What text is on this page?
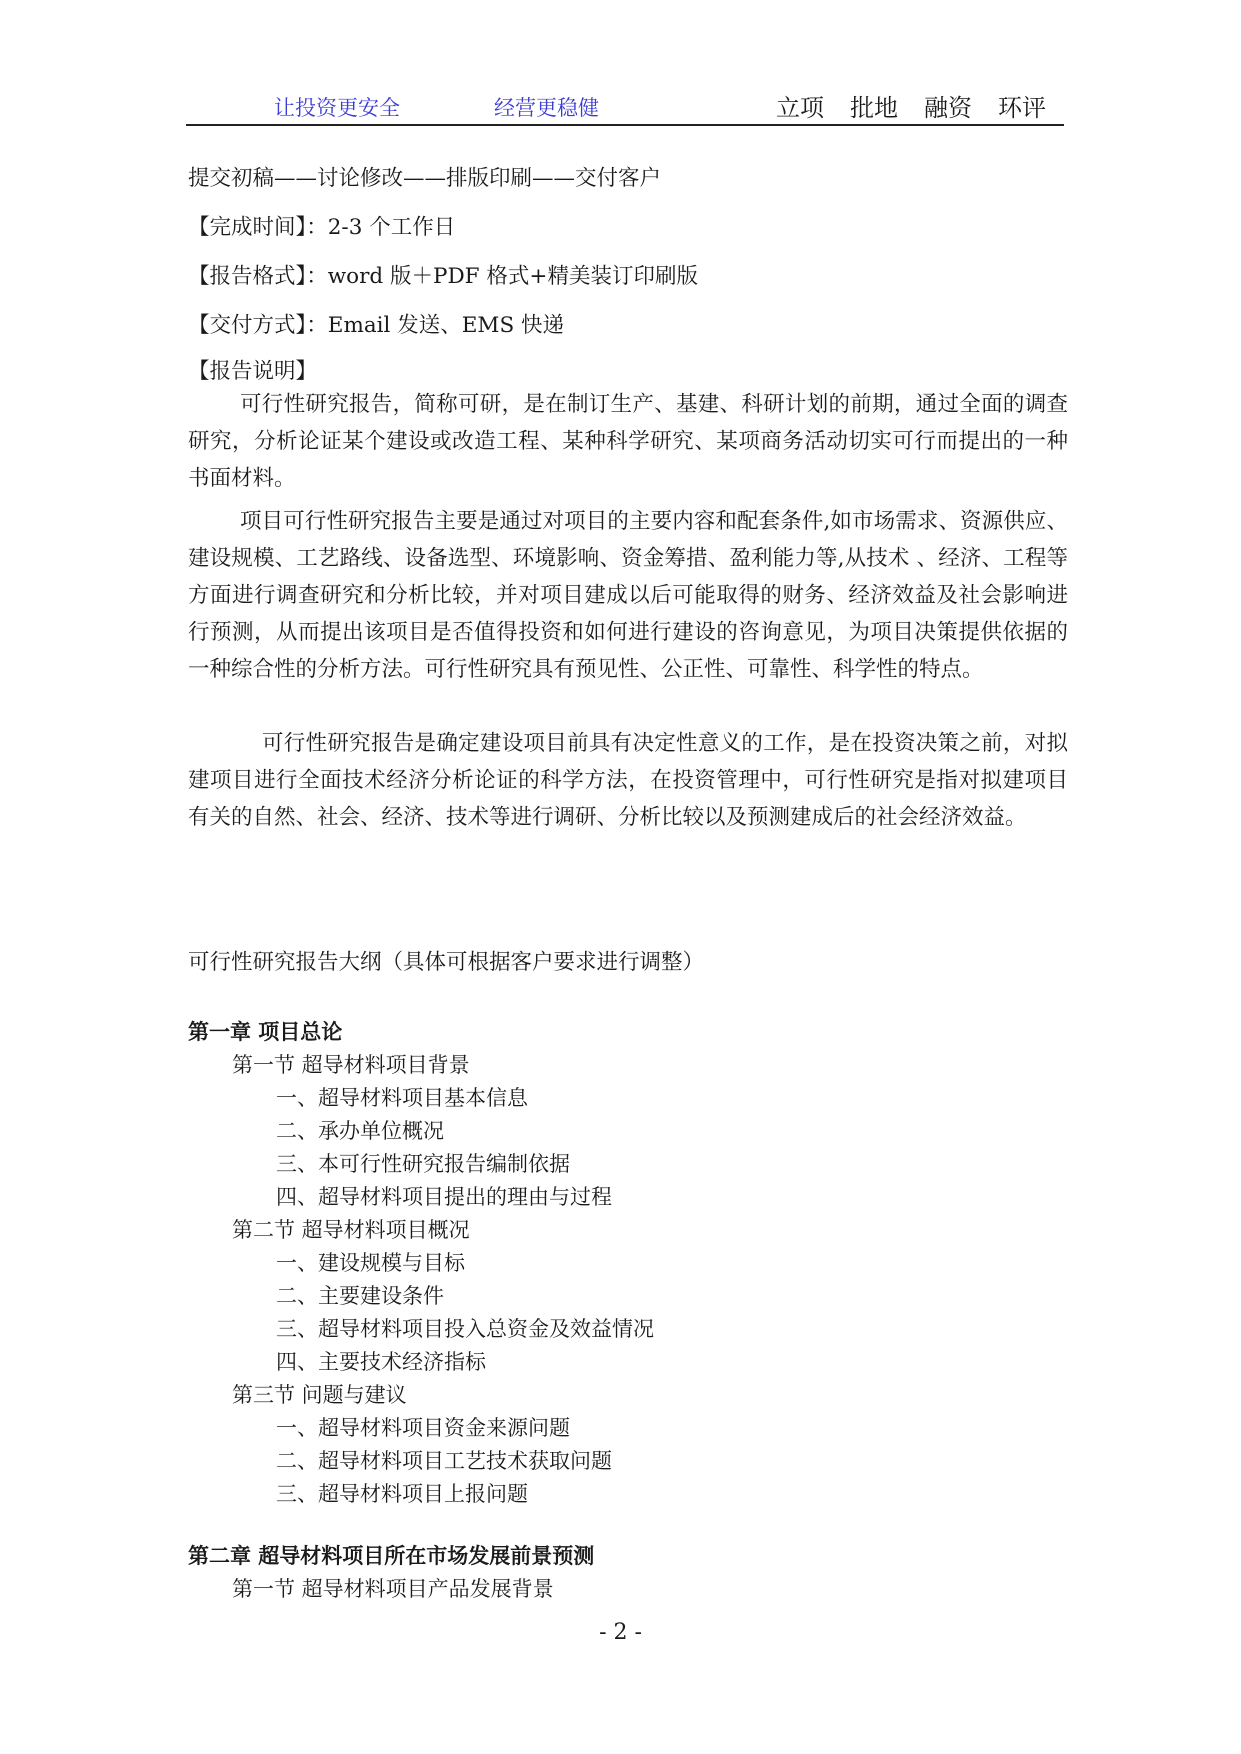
让投资更安全	经营更稳健	立项 批地 融资 环评
提交初稿——讨论修改——排版印刷——交付客户
【完成时间】：2-3 个工作日
【报告格式】：word 版＋PDF 格式+精美装订印刷版
【交付方式】：Email 发送、EMS 快递
【报告说明】

可行性研究报告，简称可研，是在制订生产、基建、科研计划的前期，通过全面的调查研究，分析论证某个建设或改造工程、某种科学研究、某项商务活动切实可行而提出的一种书面材料。

项目可行性研究报告主要是通过对项目的主要内容和配套条件,如市场需求、资源供应、建设规模、工艺路线、设备选型、环境影响、资金筹措、盈利能力等,从技术 、经济、工程等方面进行调查研究和分析比较，并对项目建成以后可能取得的财务、经济效益及社会影响进行预测，从而提出该项目是否值得投资和如何进行建设的咨询意见，为项目决策提供依据的一种综合性的分析方法。可行性研究具有预见性、公正性、可靠性、科学性的特点。

可行性研究报告是确定建设项目前具有决定性意义的工作，是在投资决策之前，对拟建项目进行全面技术经济分析论证的科学方法，在投资管理中，可行性研究是指对拟建项目有关的自然、社会、经济、技术等进行调研、分析比较以及预测建成后的社会经济效益。

可行性研究报告大纲（具体可根据客户要求进行调整）
第一章 项目总论
第一节 超导材料项目背景
一、超导材料项目基本信息
二、承办单位概况
三、本可行性研究报告编制依据
四、超导材料项目提出的理由与过程
第二节 超导材料项目概况
一、建设规模与目标
二、主要建设条件
三、超导材料项目投入总资金及效益情况
四、主要技术经济指标
第三节 问题与建议
一、超导材料项目资金来源问题
二、超导材料项目工艺技术获取问题
三、超导材料项目上报问题
第二章 超导材料项目所在市场发展前景预测
第一节 超导材料项目产品发展背景
- 2 -
